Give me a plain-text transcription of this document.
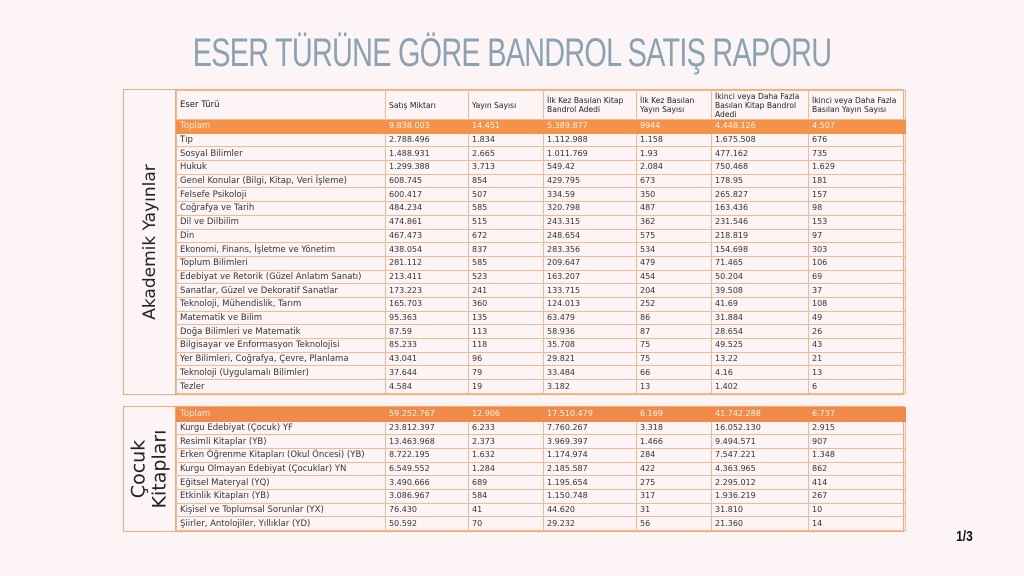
ESER TÜRÜNE GÖRE BANDROL SATIŞ RAPORU
Akademik Yayınlar
Eser Türü	Satış Miktarı	Yayın Sayısı	İlk Kez Basılan Kitap Bandrol Adedi	İlk Kez Basılan Yayın Sayısı	İkinci veya Daha Fazla Basılan Kitap Bandrol Adedi	İkinci veya Daha Fazla Basılan Yayın Sayısı
Toplam	9.838.003	14.451	5.389.877	9944	4.448.126	4.507
Tıp	2.788.496	1.834	1.112.988	1.158	1.675.508	676
Sosyal Bilimler	1.488.931	2.665	1.011.769	1.93	477.162	735
Hukuk	1.299.388	3.713	549.42	2.084	750.468	1.629
Genel Konular (Bilgi, Kitap, Veri İşleme)	608.745	854	429.795	673	178.95	181
Felsefe Psikoloji	600.417	507	334.59	350	265.827	157
Coğrafya ve Tarih	484.234	585	320.798	487	163.436	98
Dil ve Dilbilim	474.861	515	243.315	362	231.546	153
Din	467.473	672	248.654	575	218.819	97
Ekonomi, Finans, İşletme ve Yönetim	438.054	837	283.356	534	154.698	303
Toplum Bilimleri	281.112	585	209.647	479	71.465	106
Edebiyat ve Retorik (Güzel Anlatım Sanatı)	213.411	523	163.207	454	50.204	69
Sanatlar, Güzel ve Dekoratif Sanatlar	173.223	241	133.715	204	39.508	37
Teknoloji, Mühendislik, Tarım	165.703	360	124.013	252	41.69	108
Matematik ve Bilim	95.363	135	63.479	86	31.884	49
Doğa Bilimleri ve Matematik	87.59	113	58.936	87	28.654	26
Bilgisayar ve Enformasyon Teknolojisi	85.233	118	35.708	75	49.525	43
Yer Bilimleri, Coğrafya, Çevre, Planlama	43.041	96	29.821	75	13.22	21
Teknoloji (Uygulamalı Bilimler)	37.644	79	33.484	66	4.16	13
Tezler	4.584	19	3.182	13	1.402	6
Çocuk Kitapları
Toplam	59.252.767	12.906	17.510.479	6.169	41.742.288	6.737
Kurgu Edebiyat (Çocuk) YF	23.812.397	6.233	7.760.267	3.318	16.052.130	2.915
Resimli Kitaplar (YB)	13.463.968	2.373	3.969.397	1.466	9.494.571	907
Erken Öğrenme Kitapları (Okul Öncesi) (YB)	8.722.195	1.632	1.174.974	284	7.547.221	1.348
Kurgu Olmayan Edebiyat (Çocuklar) YN	6.549.552	1.284	2.185.587	422	4.363.965	862
Eğitsel Materyal (YQ)	3.490.666	689	1.195.654	275	2.295.012	414
Etkinlik Kitapları (YB)	3.086.967	584	1.150.748	317	1.936.219	267
Kişisel ve Toplumsal Sorunlar (YX)	76.430	41	44.620	31	31.810	10
Şiirler, Antolojiler, Yıllıklar (YD)	50.592	70	29.232	56	21.360	14
1/3
